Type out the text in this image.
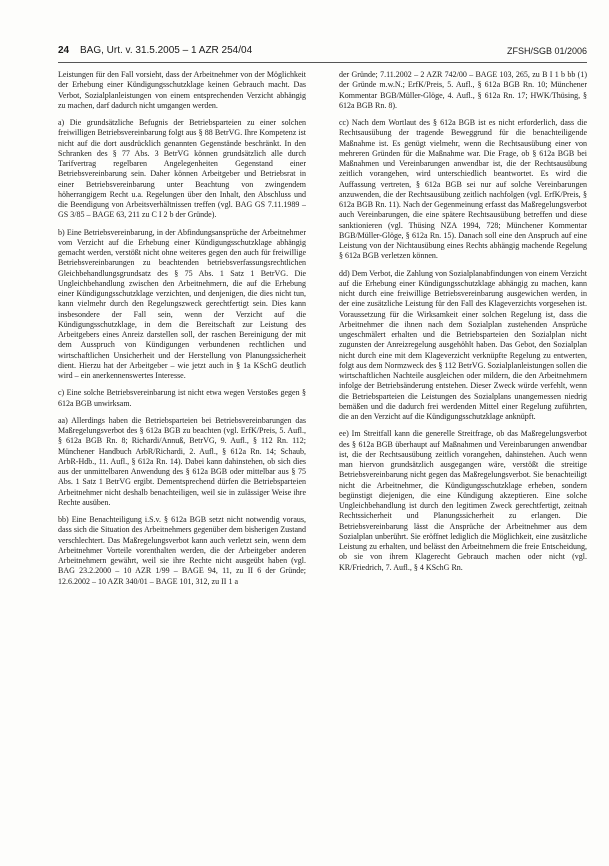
24 BAG, Urt. v. 31.5.2005 – 1 AZR 254/04	ZFSH/SGB 01/2006

Leistungen für den Fall vorsieht, dass der Arbeitnehmer von der Möglichkeit der Erhebung einer Kündigungsschutzklage keinen Gebrauch macht. Das Verbot, Sozialplanleistungen von einem entsprechenden Verzicht abhängig zu machen, darf dadurch nicht umgangen werden.

a) Die grundsätzliche Befugnis der Betriebsparteien zu einer solchen freiwilligen Betriebsvereinbarung folgt aus § 88 BetrVG. Ihre Kompetenz ist nicht auf die dort ausdrücklich genannten Gegenstände beschränkt. In den Schranken des § 77 Abs. 3 BetrVG können grundsätzlich alle durch Tarifvertrag regelbaren Angelegenheiten Gegenstand einer Betriebsvereinbarung sein. Daher können Arbeitgeber und Betriebsrat in einer Betriebsvereinbarung unter Beachtung von zwingendem höherrangigem Recht u.a. Regelungen über den Inhalt, den Abschluss und die Beendigung von Arbeitsverhältnissen treffen (vgl. BAG GS 7.11.1989 – GS 3/85 – BAGE 63, 211 zu C I 2 b der Gründe).

b) Eine Betriebsvereinbarung, in der Abfindungsansprüche der Arbeitnehmer vom Verzicht auf die Erhebung einer Kündigungsschutzklage abhängig gemacht werden, verstößt nicht ohne weiteres gegen den auch für freiwillige Betriebsvereinbarungen zu beachtenden betriebsverfassungsrechtlichen Gleichbehandlungsgrundsatz des § 75 Abs. 1 Satz 1 BetrVG. Die Ungleichbehandlung zwischen den Arbeitnehmern, die auf die Erhebung einer Kündigungsschutzklage verzichten, und denjenigen, die dies nicht tun, kann vielmehr durch den Regelungszweck gerechtfertigt sein. Dies kann insbesondere der Fall sein, wenn der Verzicht auf die Kündigungsschutzklage, in dem die Bereitschaft zur Leistung des Arbeitgebers eines Anreiz darstellen soll, der raschen Bereinigung der mit dem Ausspruch von Kündigungen verbundenen rechtlichen und wirtschaftlichen Unsicherheit und der Herstellung von Planungssicherheit dient. Hierzu hat der Arbeitgeber – wie jetzt auch in § 1a KSchG deutlich wird – ein anerkennenswertes Interesse.

c) Eine solche Betriebsvereinbarung ist nicht etwa wegen Verstoßes gegen § 612a BGB unwirksam.

aa) Allerdings haben die Betriebsparteien bei Betriebsvereinbarungen das Maßregelungsverbot des § 612a BGB zu beachten (vgl. ErfK/Preis, 5. Aufl., § 612a BGB Rn. 8; Richardi/Annuß, BetrVG, 9. Aufl., § 112 Rn. 112; Münchener Handbuch ArbR/Richardi, 2. Aufl., § 612a Rn. 14; Schaub, ArbR-Hdb., 11. Aufl., § 612a Rn. 14). Dabei kann dahinstehen, ob sich dies aus der unmittelbaren Anwendung des § 612a BGB oder mittelbar aus § 75 Abs. 1 Satz 1 BetrVG ergibt. Dementsprechend dürfen die Betriebsparteien Arbeitnehmer nicht deshalb benachteiligen, weil sie in zulässiger Weise ihre Rechte ausüben.

bb) Eine Benachteiligung i.S.v. § 612a BGB setzt nicht notwendig voraus, dass sich die Situation des Arbeitnehmers gegenüber dem bisherigen Zustand verschlechtert. Das Maßregelungsverbot kann auch verletzt sein, wenn dem Arbeitnehmer Vorteile vorenthalten werden, die der Arbeitgeber anderen Arbeitnehmern gewährt, weil sie ihre Rechte nicht ausgeübt haben (vgl. BAG 23.2.2000 – 10 AZR 1/99 – BAGE 94, 11, zu II 6 der Gründe; 12.6.2002 – 10 AZR 340/01 – BAGE 101, 312, zu II 1 a

der Gründe; 7.11.2002 – 2 AZR 742/00 – BAGE 103, 265, zu B I 1 b bb (1) der Gründe m.w.N.; ErfK/Preis, 5. Aufl., § 612a BGB Rn. 10; Münchener Kommentar BGB/Müller-Glöge, 4. Aufl., § 612a Rn. 17; HWK/Thüsing, § 612a BGB Rn. 8).

cc) Nach dem Wortlaut des § 612a BGB ist es nicht erforderlich, dass die Rechtsausübung der tragende Beweggrund für die benachteiligende Maßnahme ist. Es genügt vielmehr, wenn die Rechtsausübung einer von mehreren Gründen für die Maßnahme war. Die Frage, ob § 612a BGB bei Maßnahmen und Vereinbarungen anwendbar ist, die der Rechtsausübung zeitlich vorangehen, wird unterschiedlich beantwortet. Es wird die Auffassung vertreten, § 612a BGB sei nur auf solche Vereinbarungen anzuwenden, die der Rechtsausübung zeitlich nachfolgen (vgl. ErfK/Preis, § 612a BGB Rn. 11). Nach der Gegenmeinung erfasst das Maßregelungsverbot auch Vereinbarungen, die eine spätere Rechtsausübung betreffen und diese sanktionieren (vgl. Thüsing NZA 1994, 728; Münchener Kommentar BGB/Müller-Glöge, § 612a Rn. 15). Danach soll eine den Anspruch auf eine Leistung von der Nichtausübung eines Rechts abhängig machende Regelung § 612a BGB verletzen können.

dd) Dem Verbot, die Zahlung von Sozialplanabfindungen von einem Verzicht auf die Erhebung einer Kündigungsschutzklage abhängig zu machen, kann nicht durch eine freiwillige Betriebsvereinbarung ausgewichen werden, in der eine zusätzliche Leistung für den Fall des Klageverzichts vorgesehen ist. Voraussetzung für die Wirksamkeit einer solchen Regelung ist, dass die Arbeitnehmer die ihnen nach dem Sozialplan zustehenden Ansprüche ungeschmälert erhalten und die Betriebsparteien den Sozialplan nicht zugunsten der Anreizregelung ausgehöhlt haben. Das Gebot, den Sozialplan nicht durch eine mit dem Klageverzicht verknüpfte Regelung zu entwerten, folgt aus dem Normzweck des § 112 BetrVG. Sozialplanleistungen sollen die wirtschaftlichen Nachteile ausgleichen oder mildern, die den Arbeitnehmern infolge der Betriebsänderung entstehen. Dieser Zweck würde verfehlt, wenn die Betriebsparteien die Leistungen des Sozialplans unangemessen niedrig bemäßen und die dadurch frei werdenden Mittel einer Regelung zuführten, die an den Verzicht auf die Kündigungsschutzklage anknüpft.

ee) Im Streitfall kann die generelle Streitfrage, ob das Maßregelungsverbot des § 612a BGB überhaupt auf Maßnahmen und Vereinbarungen anwendbar ist, die der Rechtsausübung zeitlich vorangehen, dahinstehen. Auch wenn man hiervon grundsätzlich ausgegangen wäre, verstößt die streitige Betriebsvereinbarung nicht gegen das Maßregelungsverbot. Sie benachteiligt nicht die Arbeitnehmer, die Kündigungsschutzklage erheben, sondern begünstigt diejenigen, die eine Kündigung akzeptieren. Eine solche Ungleichbehandlung ist durch den legitimen Zweck gerechtfertigt, zeitnah Rechtssicherheit und Planungssicherheit zu erlangen. Die Betriebsvereinbarung lässt die Ansprüche der Arbeitnehmer aus dem Sozialplan unberührt. Sie eröffnet lediglich die Möglichkeit, eine zusätzliche Leistung zu erhalten, und belässt den Arbeitnehmern die freie Entscheidung, ob sie von ihrem Klagerecht Gebrauch machen oder nicht (vgl. KR/Friedrich, 7. Aufl., § 4 KSchG Rn.
